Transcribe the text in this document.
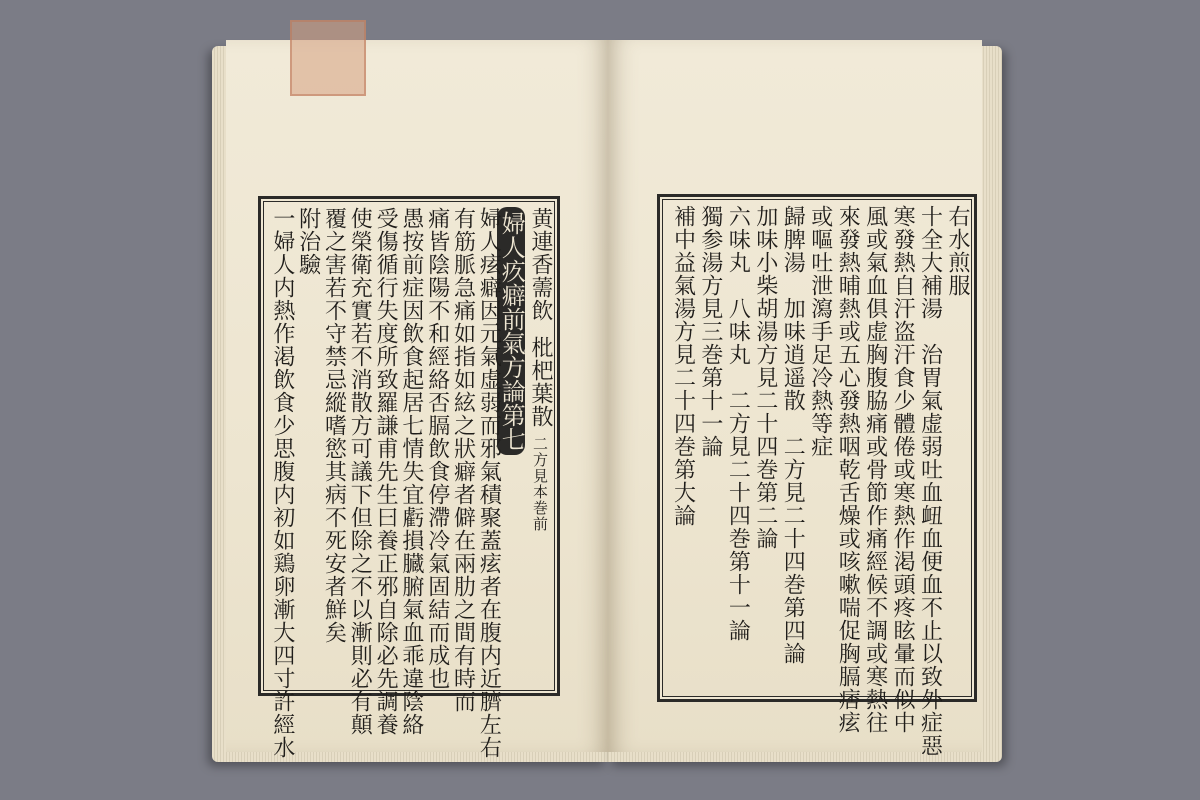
黄連香薷飲枇杷葉散二方見本巻前
婦人疚癖前氣方論第七
婦人痃癖因元氣虚弱而邪氣積聚蓋痃者在腹内近臍左右
有筋脈急痛如指如絃之狀癖者僻在兩肋之間有時而
痛皆陰陽不和經絡否膈飲食停滯冷氣固結而成也
愚按前症因飲食起居七情失宜虧損臓腑氣血乖違陰絡
受傷循行失度所致羅謙甫先生曰養正邪自除必先調養
使榮衛充實若不消散方可議下但除之不以漸則必有顛
覆之害若不守禁忌縱嗜慾其病不死安者鮮矣
附治驗
一婦人内熱作渇飲食少思腹内初如鶏卵漸大四寸許經水	右水煎服
十全大補湯　治胃氣虚弱吐血衄血便血不止以致外症惡
寒發熱自汗盗汗食少體倦或寒熱作渇頭疼眩暈而似中
風或氣血俱虚胸腹脇痛或骨節作痛經候不調或寒熱往
來發熱晡熱或五心發熱咽乾舌燥或咳嗽喘促胸膈痞痃
或嘔吐泄瀉手足冷熱等症
歸脾湯　加味逍遥散　二方見二十四巻第四論
加味小柴胡湯方見二十四巻第二論
六味丸　八味丸　二方見二十四巻第十一論
獨参湯方見三巻第十一論
補中益氣湯方見二十四巻第大論
